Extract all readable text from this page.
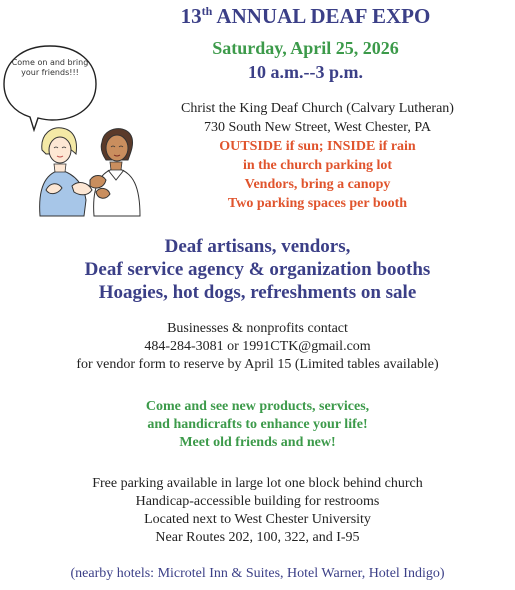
13th ANNUAL DEAF EXPO
Saturday, April 25, 2026
10 a.m.--3 p.m.
Come on and bring your friends!!!
Christ the King Deaf Church (Calvary Lutheran)
730 South New Street, West Chester, PA
OUTSIDE if sun; INSIDE if rain
in the church parking lot
Vendors, bring a canopy
Two parking spaces per booth
Deaf artisans, vendors,
Deaf service agency & organization booths
Hoagies, hot dogs, refreshments on sale
Businesses & nonprofits contact
484-284-3081 or 1991CTK@gmail.com
for vendor form to reserve by April 15 (Limited tables available)
Come and see new products, services,
and handicrafts to enhance your life!
Meet old friends and new!
Free parking available in large lot one block behind church
Handicap-accessible building for restrooms
Located next to West Chester University
Near Routes 202, 100, 322, and I-95
(nearby hotels: Microtel Inn & Suites, Hotel Warner, Hotel Indigo)
